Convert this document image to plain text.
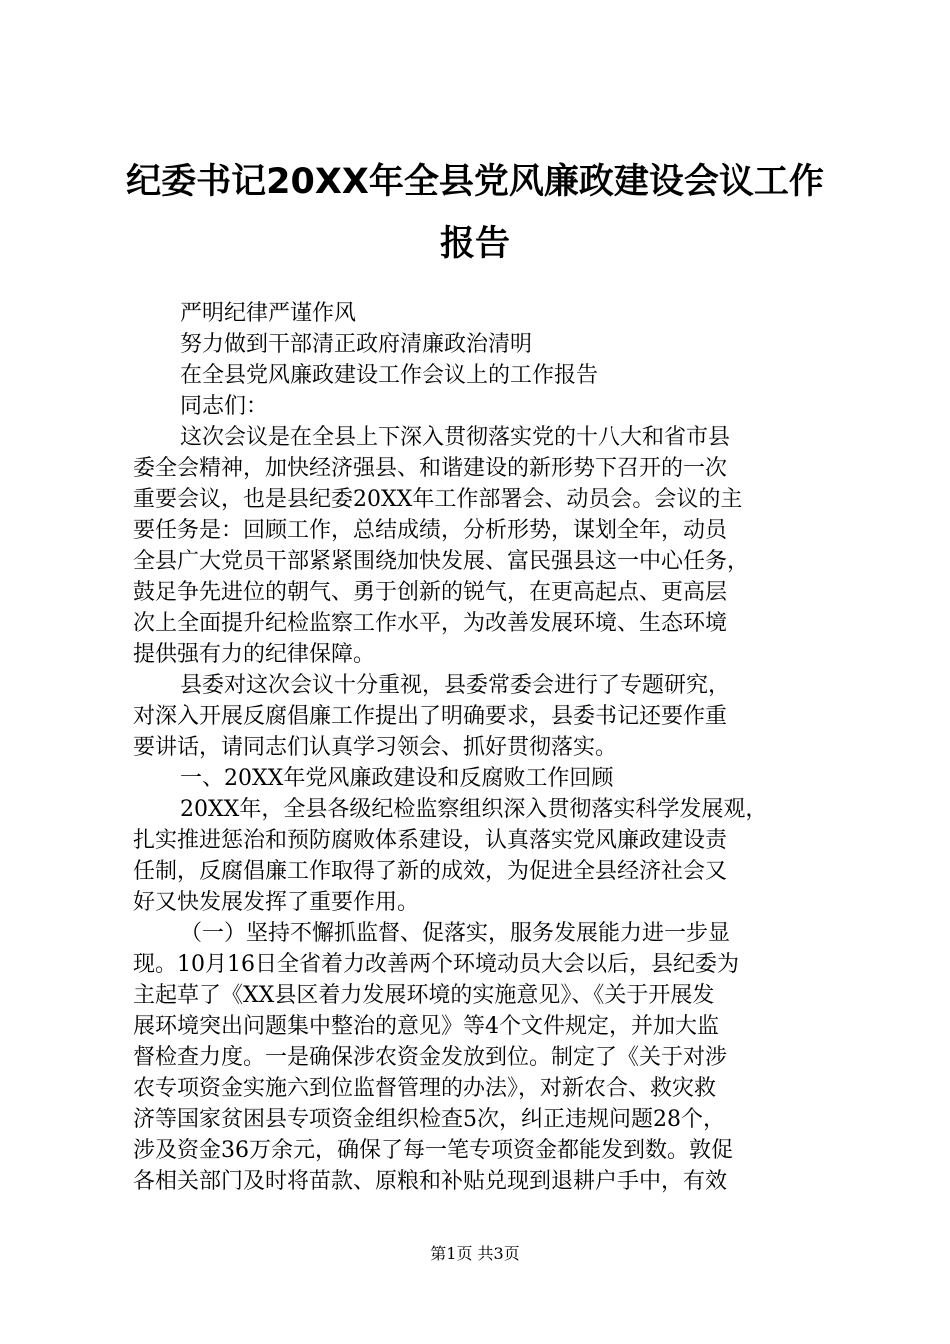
纪委书记20XX年全县党风廉政建设会议工作
报告
严明纪律严谨作风
努力做到干部清正政府清廉政治清明
在全县党风廉政建设工作会议上的工作报告
同志们：
这次会议是在全县上下深入贯彻落实党的十八大和省市县
委全会精神，加快经济强县、和谐建设的新形势下召开的一次
重要会议，也是县纪委20XX年工作部署会、动员会。会议的主
要任务是：回顾工作，总结成绩，分析形势，谋划全年，动员
全县广大党员干部紧紧围绕加快发展、富民强县这一中心任务，
鼓足争先进位的朝气、勇于创新的锐气，在更高起点、更高层
次上全面提升纪检监察工作水平，为改善发展环境、生态环境
提供强有力的纪律保障。
县委对这次会议十分重视，县委常委会进行了专题研究，
对深入开展反腐倡廉工作提出了明确要求，县委书记还要作重
要讲话，请同志们认真学习领会、抓好贯彻落实。
一、20XX年党风廉政建设和反腐败工作回顾
20XX年，全县各级纪检监察组织深入贯彻落实科学发展观，
扎实推进惩治和预防腐败体系建设，认真落实党风廉政建设责
任制，反腐倡廉工作取得了新的成效，为促进全县经济社会又
好又快发展发挥了重要作用。
（一）坚持不懈抓监督、促落实，服务发展能力进一步显
现。10月16日全省着力改善两个环境动员大会以后，县纪委为
主起草了《XX县区着力发展环境的实施意见》、《关于开展发
展环境突出问题集中整治的意见》等4个文件规定，并加大监
督检查力度。一是确保涉农资金发放到位。制定了《关于对涉
农专项资金实施六到位监督管理的办法》，对新农合、救灾救
济等国家贫困县专项资金组织检查5次，纠正违规问题28个，
涉及资金36万余元，确保了每一笔专项资金都能发到数。敦促
各相关部门及时将苗款、原粮和补贴兑现到退耕户手中，有效
第1页 共3页
